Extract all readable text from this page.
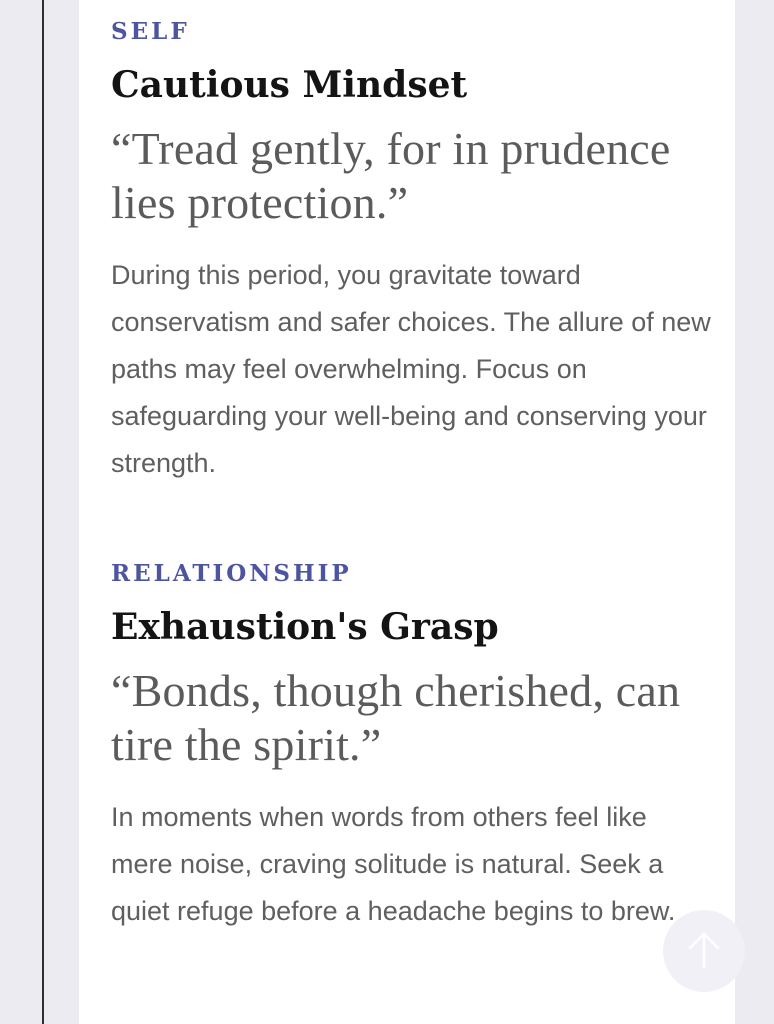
SELF
Cautious Mindset
“Tread gently, for in prudence lies protection.”
During this period, you gravitate toward conservatism and safer choices. The allure of new paths may feel overwhelming. Focus on safeguarding your well-being and conserving your strength.
RELATIONSHIP
Exhaustion's Grasp
“Bonds, though cherished, can tire the spirit.”
In moments when words from others feel like mere noise, craving solitude is natural. Seek a quiet refuge before a headache begins to brew.
